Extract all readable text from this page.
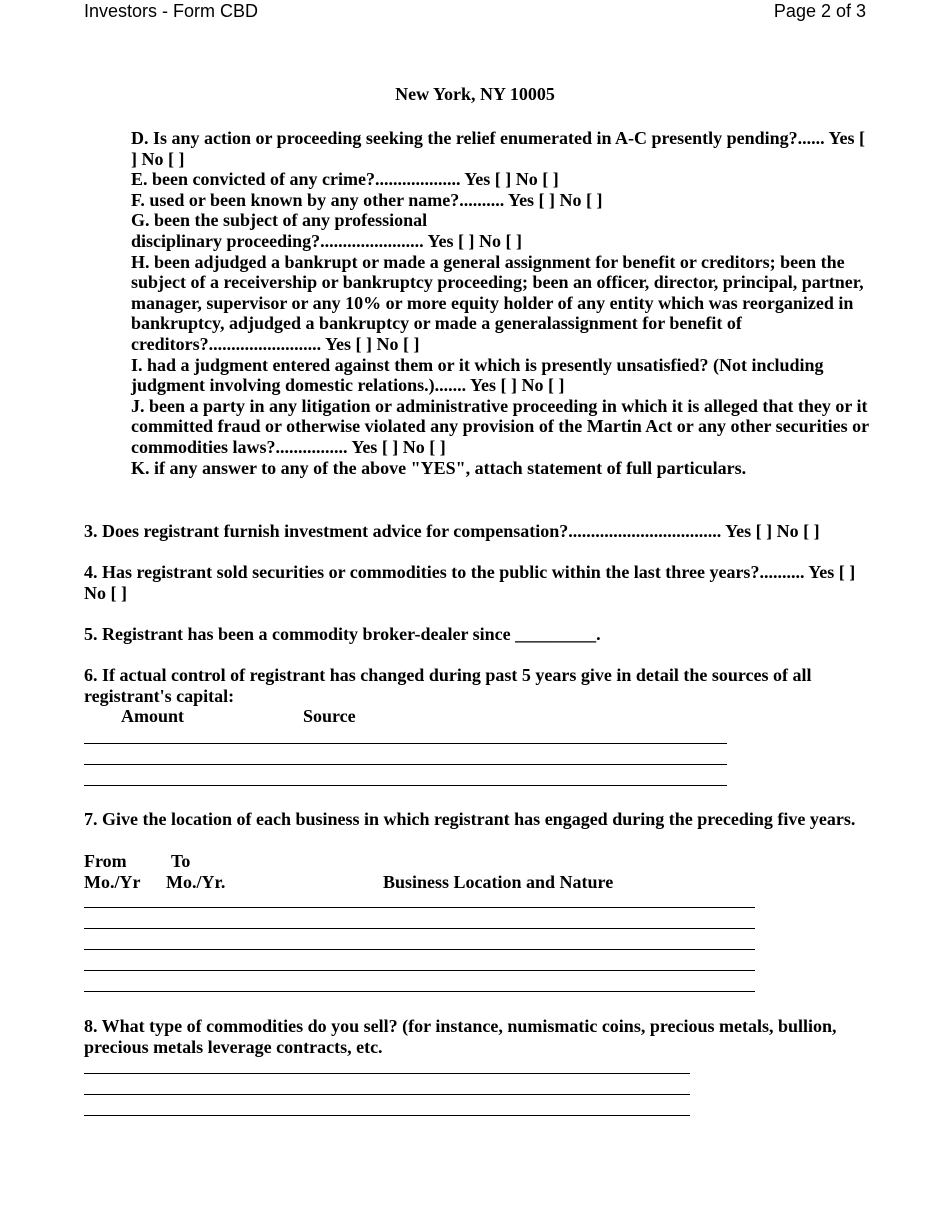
Investors - Form CBD	Page 2 of 3
New York, NY 10005

D. Is any action or proceeding seeking the relief enumerated in A-C presently pending?...... Yes [ ] No [ ]

E. been convicted of any crime?................... Yes [ ] No [ ]

F. used or been known by any other name?.......... Yes [ ] No [ ]

G. been the subject of any professional

disciplinary proceeding?....................... Yes [ ] No [ ]

H. been adjudged a bankrupt or made a general assignment for benefit or creditors; been the subject of a receivership or bankruptcy proceeding; been an officer, director, principal, partner, manager, supervisor or any 10% or more equity holder of any entity which was reorganized in bankruptcy, adjudged a bankruptcy or made a generalassignment for benefit of creditors?......................... Yes [ ] No [ ]

I. had a judgment entered against them or it which is presently unsatisfied? (Not including judgment involving domestic relations.)....... Yes [ ] No [ ]

J. been a party in any litigation or administrative proceeding in which it is alleged that they or it committed fraud or otherwise violated any provision of the Martin Act or any other securities or commodities laws?................ Yes [ ] No [ ]

K. if any answer to any of the above "YES", attach statement of full particulars.

3. Does registrant furnish investment advice for compensation?.................................. Yes [ ] No [ ]

4. Has registrant sold securities or commodities to the public within the last three years?.......... Yes [ ] No [ ]

5. Registrant has been a commodity broker-dealer since _________.

6. If actual control of registrant has changed during past 5 years give in detail the sources of all registrant's capital:

Amount	Source

7. Give the location of each business in which registrant has engaged during the preceding five years.

From To
Mo./Yr Mo./Yr.	Business Location and Nature

8. What type of commodities do you sell? (for instance, numismatic coins, precious metals, bullion, precious metals leverage contracts, etc.
